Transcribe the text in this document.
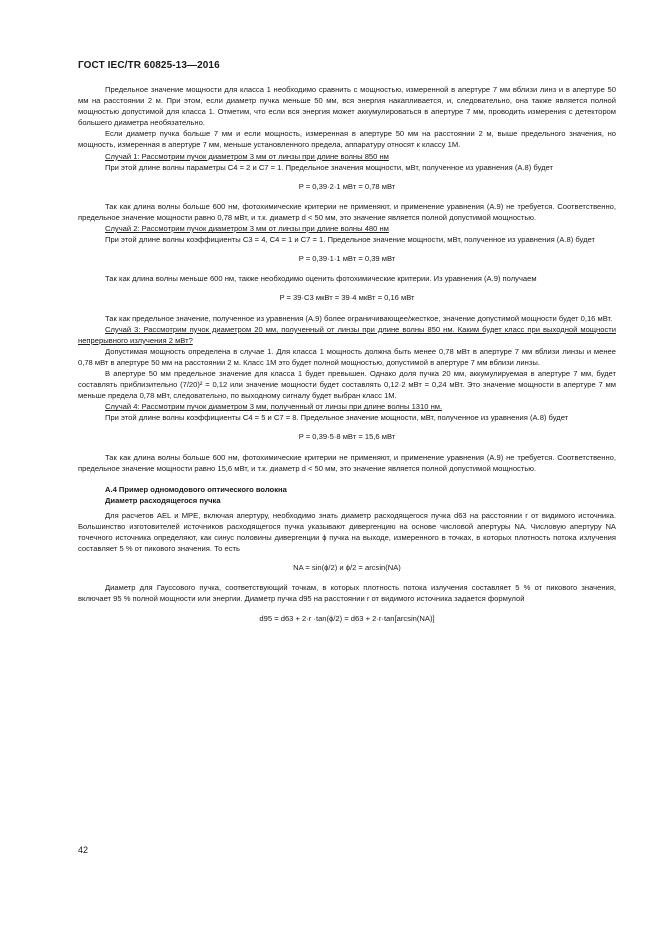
ГОСТ IEC/TR 60825-13—2016

Предельное значение мощности для класса 1 необходимо сравнить с мощностью, измеренной в апертуре 7 мм вблизи линз и в апертуре 50 мм на расстоянии 2 м. При этом, если диаметр пучка меньше 50 мм, вся энергия накапливается, и, следовательно, она также является полной мощностью допустимой для класса 1. Отметим, что если вся энергия может аккумулироваться в апертуре 7 мм, проводить измерения с детектором большего диаметра необязательно.

Если диаметр пучка больше 7 мм и если мощность, измеренная в апертуре 50 мм на расстоянии 2 м, выше предельного значения, но мощность, измеренная в апертуре 7 мм, меньше установленного предела, аппаратуру относят к классу 1М.

Случай 1: Рассмотрим пучок диаметром 3 мм от линзы при длине волны 850 нм

При этой длине волны параметры C4 = 2 и C7 = 1. Предельное значения мощности, мВт, полученное из уравнения (А.8) будет

P = 0,39·2·1 мВт = 0,78 мВт

Так как длина волны больше 600 нм, фотохимические критерии не применяют, и применение уравнения (А.9) не требуется. Соответственно, предельное значение мощности равно 0,78 мВт, и т.к. диаметр d < 50 мм, это значение является полной допустимой мощностью.

Случай 2: Рассмотрим пучок диаметром 3 мм от линзы при длине волны 480 нм

При этой длине волны коэффициенты C3 = 4, C4 = 1 и C7 = 1. Предельное значение мощности, мВт, полученное из уравнения (А.8) будет

P = 0,39·1·1 мВт = 0,39 мВт

Так как длина волны меньше 600 нм, также необходимо оценить фотохимические критерии. Из уравнения (А.9) получаем

P = 39·C3 мкВт = 39·4 мкВт = 0,16 мВт

Так как предельное значение, полученное из уравнения (А.9) более ограничивающее/жесткое, значение допустимой мощности будет 0,16 мВт.

Случай 3: Рассмотрим пучок диаметром 20 мм, полученный от линзы при длине волны 850 нм. Каким будет класс при выходной мощности непрерывного излучения 2 мВт?

Допустимая мощность определена в случае 1. Для класса 1 мощность должна быть менее 0,78 мВт в апертуре 7 мм вблизи линзы и менее 0,78 мВт в апертуре 50 мм на расстоянии 2 м. Класс 1М это будет полной мощностью, допустимой в апертуре 7 мм вблизи линзы.

В апертуре 50 мм предельное значение для класса 1 будет превышен. Однако доля пучка 20 мм, аккумулируемая в апертуре 7 мм, будет составлять приблизительно (7/20)² = 0,12 или значение мощности будет составлять 0,12·2 мВт = 0,24 мВт. Это значение мощности в апертуре 7 мм меньше предела 0,78 мВт, следовательно, по выходному сигналу будет выбран класс 1М.

Случай 4: Рассмотрим пучок диаметром 3 мм, полученный от линзы при длине волны 1310 нм.

При этой длине волны коэффициенты C4 = 5 и C7 = 8. Предельное значение мощности, мВт, полученное из уравнения (А.8) будет

P = 0,39·5·8 мВт = 15,6 мВт

Так как длина волны больше 600 нм, фотохимические критерии не применяют, и применение уравнения (А.9) не требуется. Соответственно, предельное значение мощности равно 15,6 мВт, и т.к. диаметр d < 50 мм, это значение является полной допустимой мощностью.

А.4 Пример одномодового оптического волокна

Диаметр расходящегося пучка

Для расчетов AEL и MPE, включая апертуру, необходимо знать диаметр расходящегося пучка d63 на расстоянии r от видимого источника. Большинство изготовителей источников расходящегося пучка указывают дивергенцию на основе числовой апертуры NA. Числовую апертуру NA точечного источника определяют, как синус половины дивергенции ϕ пучка на выходе, измеренного в точках, в которых плотность потока излучения составляет 5 % от пикового значения. То есть

NA = sin(ϕ/2) и ϕ/2 = arcsin(NA)

Диаметр для Гауссового пучка, соответствующий точкам, в которых плотность потока излучения составляет 5 % от пикового значения, включает 95 % полной мощности или энергии. Диаметр пучка d95 на расстоянии r от видимого источника задается формулой

d95 = d63 + 2·r ·tan(ϕ/2) = d63 + 2·r·tan[arcsin(NA)]

42
